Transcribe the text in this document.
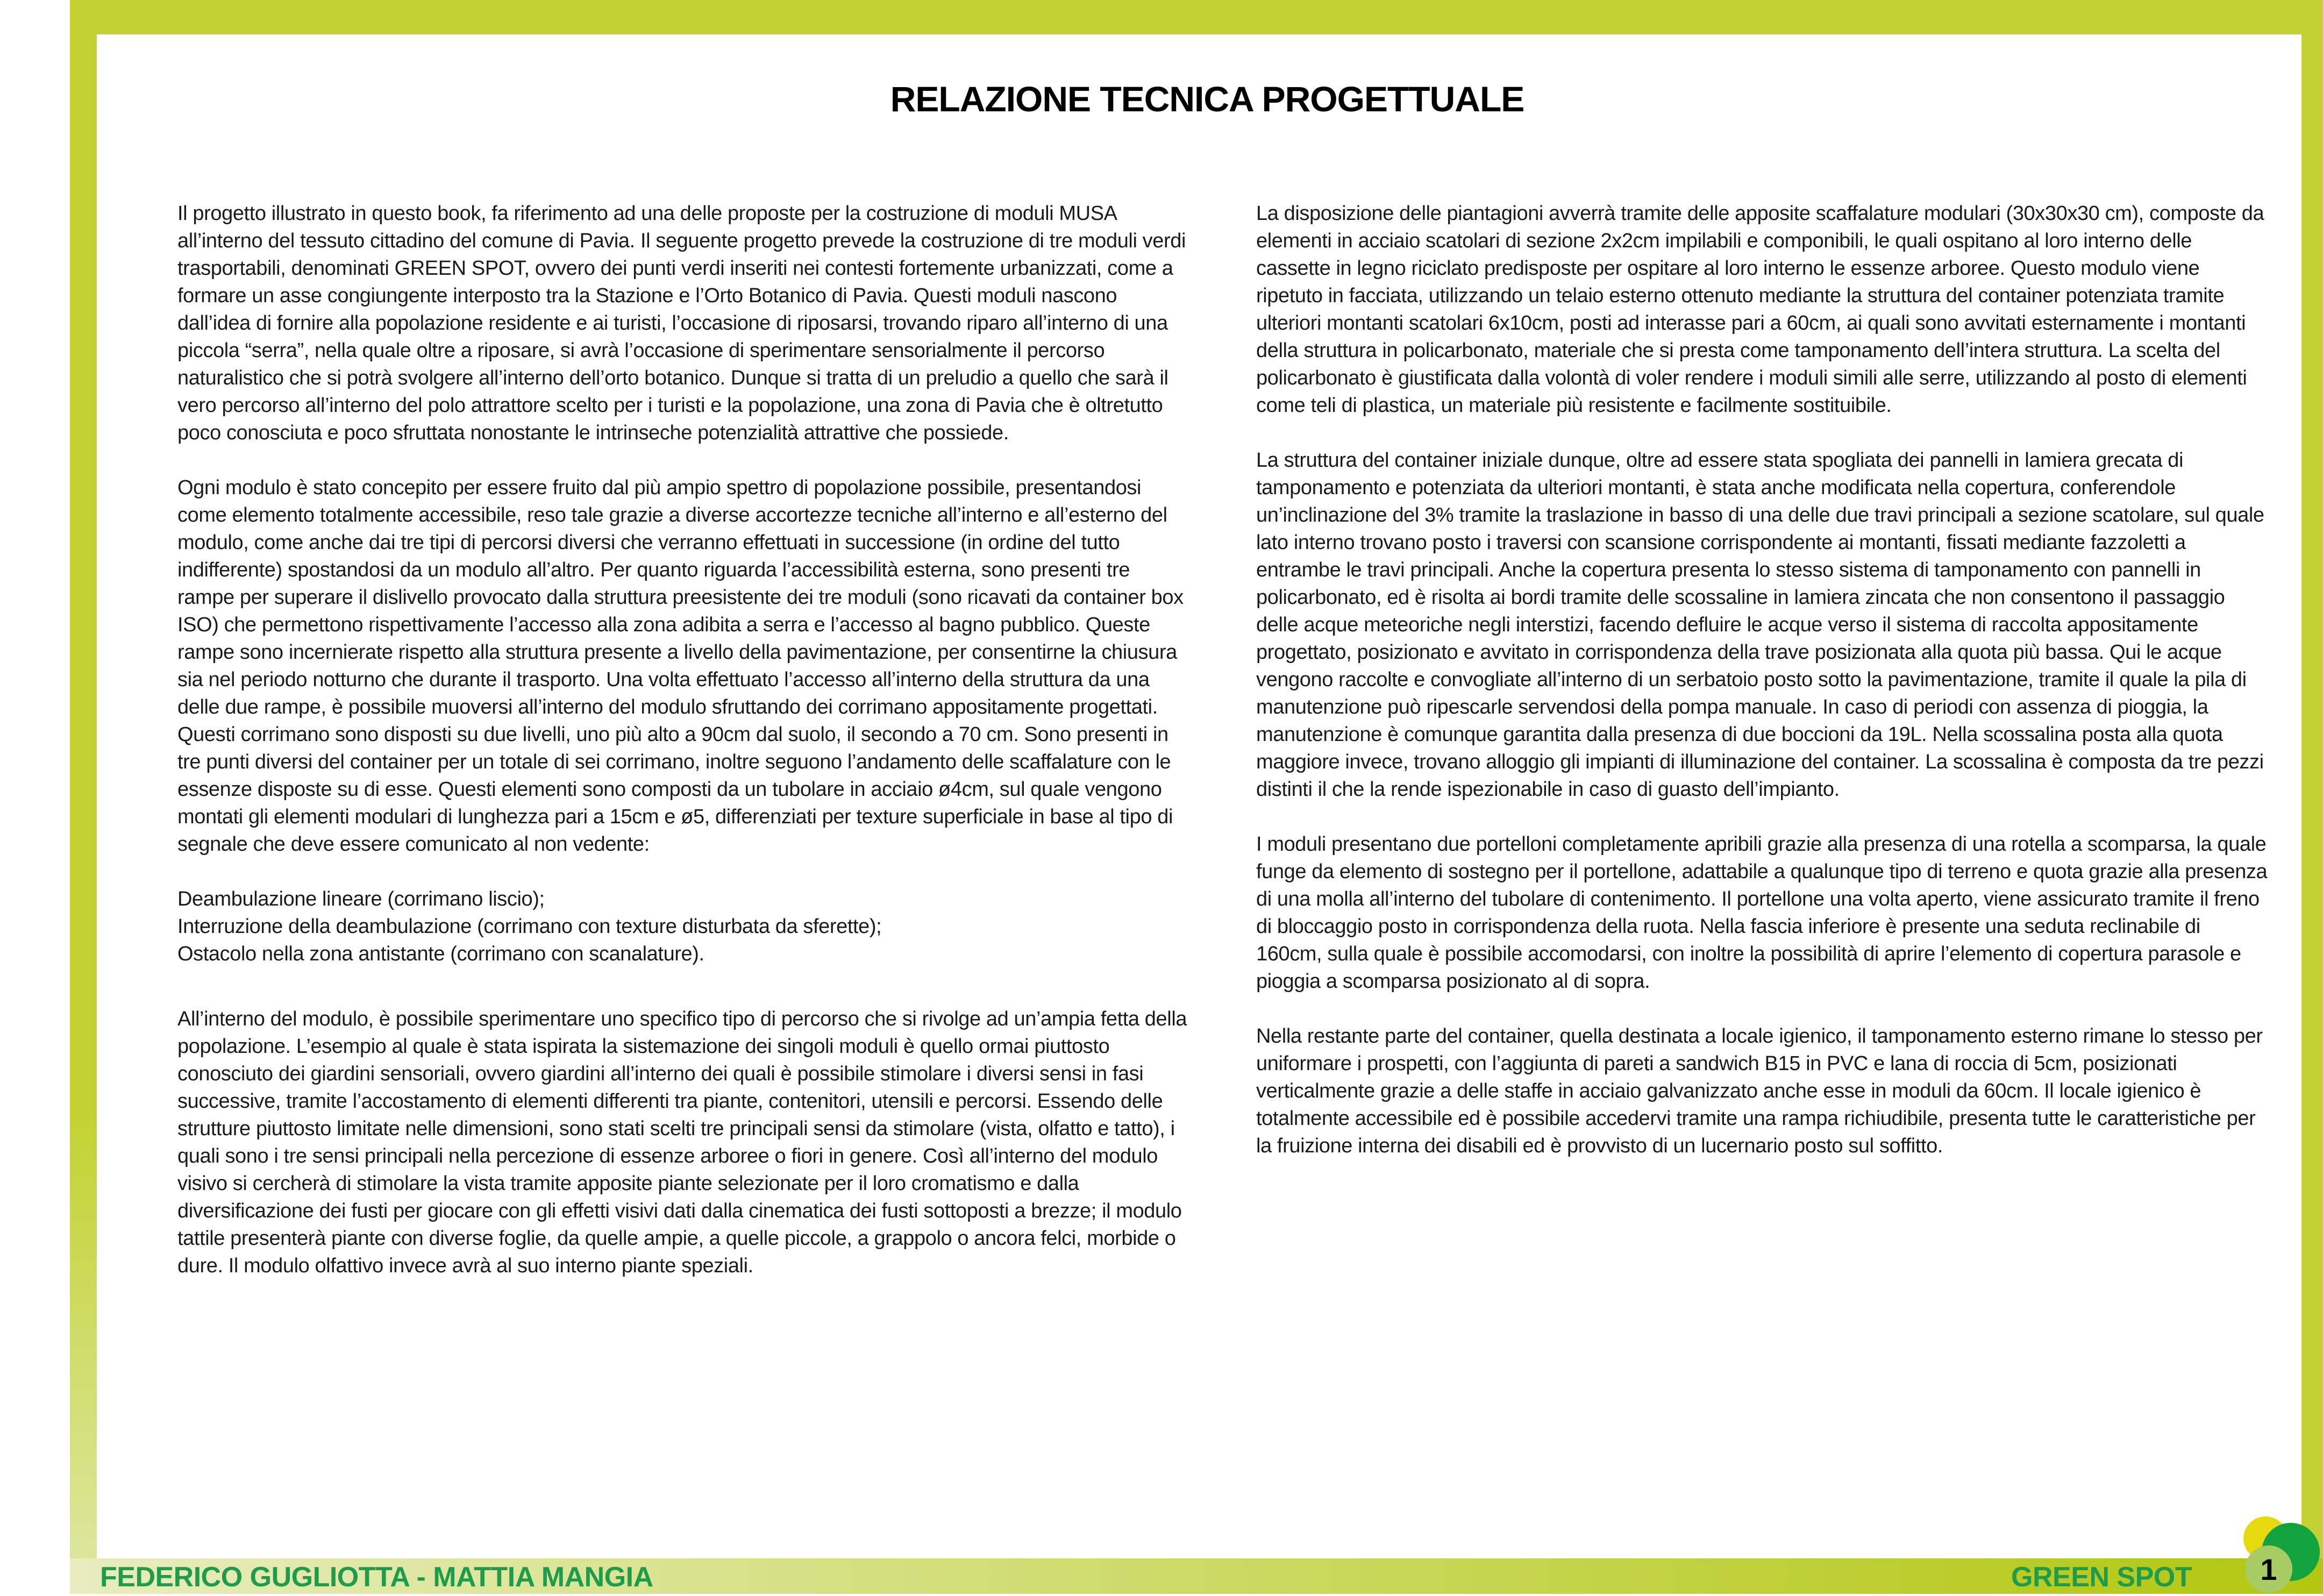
RELAZIONE TECNICA PROGETTUALE

Il progetto illustrato in questo book, fa riferimento ad una delle proposte per la costruzione di moduli MUSA all’interno del tessuto cittadino del comune di Pavia. Il seguente progetto prevede la costruzione di tre moduli verdi trasportabili, denominati GREEN SPOT, ovvero dei punti verdi inseriti nei contesti fortemente urbanizzati, come a formare un asse congiungente interposto tra la Stazione e l’Orto Botanico di Pavia. Questi moduli nascono dall’idea di fornire alla popolazione residente e ai turisti, l’occasione di riposarsi, trovando riparo all’interno di una piccola “serra”, nella quale oltre a riposare, si avrà l’occasione di sperimentare sensorialmente il percorso naturalistico che si potrà svolgere all’interno dell’orto botanico. Dunque si tratta di un preludio a quello che sarà il vero percorso all’interno del polo attrattore scelto per i turisti e la popolazione, una zona di Pavia che è oltretutto poco conosciuta e poco sfruttata nonostante le intrinseche potenzialità attrattive che possiede.

Ogni modulo è stato concepito per essere fruito dal più ampio spettro di popolazione possibile, presentandosi come elemento totalmente accessibile, reso tale grazie a diverse accortezze tecniche all’interno e all’esterno del modulo, come anche dai tre tipi di percorsi diversi che verranno effettuati in successione (in ordine del tutto indifferente) spostandosi da un modulo all’altro. Per quanto riguarda l’accessibilità esterna, sono presenti tre rampe per superare il dislivello provocato dalla struttura preesistente dei tre moduli (sono ricavati da container box ISO) che permettono rispettivamente l’accesso alla zona adibita a serra e l’accesso al bagno pubblico. Queste rampe sono incernierate rispetto alla struttura presente a livello della pavimentazione, per consentirne la chiusura sia nel periodo notturno che durante il trasporto. Una volta effettuato l’accesso all’interno della struttura da una delle due rampe, è possibile muoversi all’interno del modulo sfruttando dei corrimano appositamente progettati. Questi corrimano sono disposti su due livelli, uno più alto a 90cm dal suolo, il secondo a 70 cm. Sono presenti in tre punti diversi del container per un totale di sei corrimano, inoltre seguono l’andamento delle scaffalature con le essenze disposte su di esse. Questi elementi sono composti da un tubolare in acciaio ø4cm, sul quale vengono montati gli elementi modulari di lunghezza pari a 15cm e ø5, differenziati per texture superficiale in base al tipo di segnale che deve essere comunicato al non vedente:

Deambulazione lineare (corrimano liscio);

Interruzione della deambulazione (corrimano con texture disturbata da sferette);

Ostacolo nella zona antistante (corrimano con scanalature).

All’interno del modulo, è possibile sperimentare uno specifico tipo di percorso che si rivolge ad un’ampia fetta della popolazione. L’esempio al quale è stata ispirata la sistemazione dei singoli moduli è quello ormai piuttosto conosciuto dei giardini sensoriali, ovvero giardini all’interno dei quali è possibile stimolare i diversi sensi in fasi successive, tramite l’accostamento di elementi differenti tra piante, contenitori, utensili e percorsi. Essendo delle strutture piuttosto limitate nelle dimensioni, sono stati scelti tre principali sensi da stimolare (vista, olfatto e tatto), i quali sono i tre sensi principali nella percezione di essenze arboree o fiori in genere. Così all’interno del modulo visivo si cercherà di stimolare la vista tramite apposite piante selezionate per il loro cromatismo e dalla diversificazione dei fusti per giocare con gli effetti visivi dati dalla cinematica dei fusti sottoposti a brezze; il modulo tattile presenterà piante con diverse foglie, da quelle ampie, a quelle piccole, a grappolo o ancora felci, morbide o dure. Il modulo olfattivo invece avrà al suo interno piante speziali.

La disposizione delle piantagioni avverrà tramite delle apposite scaffalature modulari (30x30x30 cm), composte da elementi in acciaio scatolari di sezione 2x2cm impilabili e componibili, le quali ospitano al loro interno delle cassette in legno riciclato predisposte per ospitare al loro interno le essenze arboree. Questo modulo viene ripetuto in facciata, utilizzando un telaio esterno ottenuto mediante la struttura del container potenziata tramite ulteriori montanti scatolari 6x10cm, posti ad interasse pari a 60cm, ai quali sono avvitati esternamente i montanti della struttura in policarbonato, materiale che si presta come tamponamento dell’intera struttura. La scelta del policarbonato è giustificata dalla volontà di voler rendere i moduli simili alle serre, utilizzando al posto di elementi come teli di plastica, un materiale più resistente e facilmente sostituibile.

La struttura del container iniziale dunque, oltre ad essere stata spogliata dei pannelli in lamiera grecata di tamponamento e potenziata da ulteriori montanti, è stata anche modificata nella copertura, conferendole un’inclinazione del 3% tramite la traslazione in basso di una delle due travi principali a sezione scatolare, sul quale lato interno trovano posto i traversi con scansione corrispondente ai montanti, fissati mediante fazzoletti a entrambe le travi principali. Anche la copertura presenta lo stesso sistema di tamponamento con pannelli in policarbonato, ed è risolta ai bordi tramite delle scossaline in lamiera zincata che non consentono il passaggio delle acque meteoriche negli interstizi, facendo defluire le acque verso il sistema di raccolta appositamente progettato, posizionato e avvitato in corrispondenza della trave posizionata alla quota più bassa. Qui le acque vengono raccolte e convogliate all’interno di un serbatoio posto sotto la pavimentazione, tramite il quale la pila di manutenzione può ripescarle servendosi della pompa manuale. In caso di periodi con assenza di pioggia, la manutenzione è comunque garantita dalla presenza di due boccioni da 19L. Nella scossalina posta alla quota maggiore invece, trovano alloggio gli impianti di illuminazione del container. La scossalina è composta da tre pezzi distinti il che la rende ispezionabile in caso di guasto dell’impianto.

I moduli presentano due portelloni completamente apribili grazie alla presenza di una rotella a scomparsa, la quale funge da elemento di sostegno per il portellone, adattabile a qualunque tipo di terreno e quota grazie alla presenza di una molla all’interno del tubolare di contenimento. Il portellone una volta aperto, viene assicurato tramite il freno di bloccaggio posto in corrispondenza della ruota. Nella fascia inferiore è presente una seduta reclinabile di 160cm, sulla quale è possibile accomodarsi, con inoltre la possibilità di aprire l’elemento di copertura parasole e pioggia a scomparsa posizionato al di sopra.

Nella restante parte del container, quella destinata a locale igienico, il tamponamento esterno rimane lo stesso per uniformare i prospetti, con l’aggiunta di pareti a sandwich B15 in PVC e lana di roccia di 5cm, posizionati verticalmente grazie a delle staffe in acciaio galvanizzato anche esse in moduli da 60cm. Il locale igienico è totalmente accessibile ed è possibile accedervi tramite una rampa richiudibile, presenta tutte le caratteristiche per la fruizione interna dei disabili ed è provvisto di un lucernario posto sul soffitto.

FEDERICO GUGLIOTTA - MATTIA MANGIA	GREEN SPOT 1
